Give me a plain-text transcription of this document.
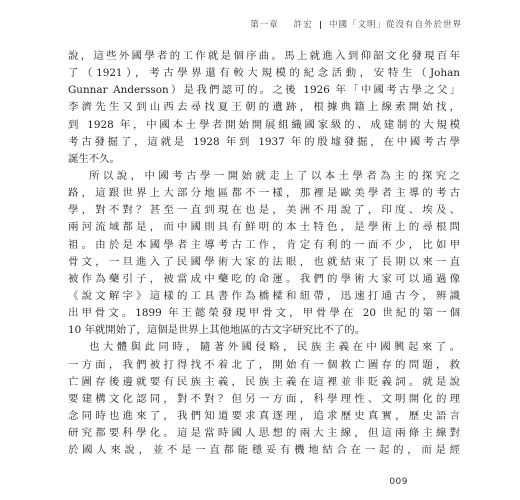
第一章 許宏 中國「文明」從沒有自外於世界
說，這些外國學者的工作就是個序曲。馬上就進入到仰韶文化發現百年
了（1921），考古學界還有較大規模的紀念活動，安特生（Johan
Gunnar Andersson）是我們認可的。之後 1926 年「中國考古學之父」
李濟先生又到山西去尋找夏王朝的遺跡，根據典籍上線索開始找，
到 1928 年，中國本土學者開始開展組織國家級的、成建制的大規模
考古發掘了，這就是 1928 年到 1937 年的殷墟發掘，在中國考古學
誕生不久。
所以說，中國考古學一開始就走上了以本土學者為主的探究之
路，這跟世界上大部分地區都不一樣，那裡是歐美學者主導的考古
學，對不對？甚至一直到現在也是，美洲不用說了，印度、埃及、
兩河流域都是，而中國則具有鮮明的本土特色，是學術上的尋根問
祖。由於是本國學者主導考古工作，肯定有利的一面不少，比如甲
骨文，一旦進入了民國學術大家的法眼，也就結束了長期以來一直
被作為藥引子，被當成中藥吃的命運。我們的學術大家可以通過像
《說文解字》這樣的工具書作為橋樑和紐帶，迅速打通古今，辨識
出甲骨文。1899 年王懿榮發現甲骨文，甲骨學在 20 世紀的第一個
10 年就開始了，這個是世界上其他地區的古文字研究比不了的。
也大體與此同時，隨著外國侵略，民族主義在中國興起來了。
一方面，我們被打得找不着北了，開始有一個救亡圖存的問題，救
亡圖存後邊就要有民族主義，民族主義在這裡並非貶義詞。就是說
要建構文化認同，對不對？但另一方面，科學理性、文明開化的理
念同時也進來了，我們知道要求真逐理，追求歷史真實，歷史語言
研究都要科學化。這是當時國人思想的兩大主線，但這兩條主線對
於國人來說，並不是一直都能穩妥有機地結合在一起的，而是經
009
